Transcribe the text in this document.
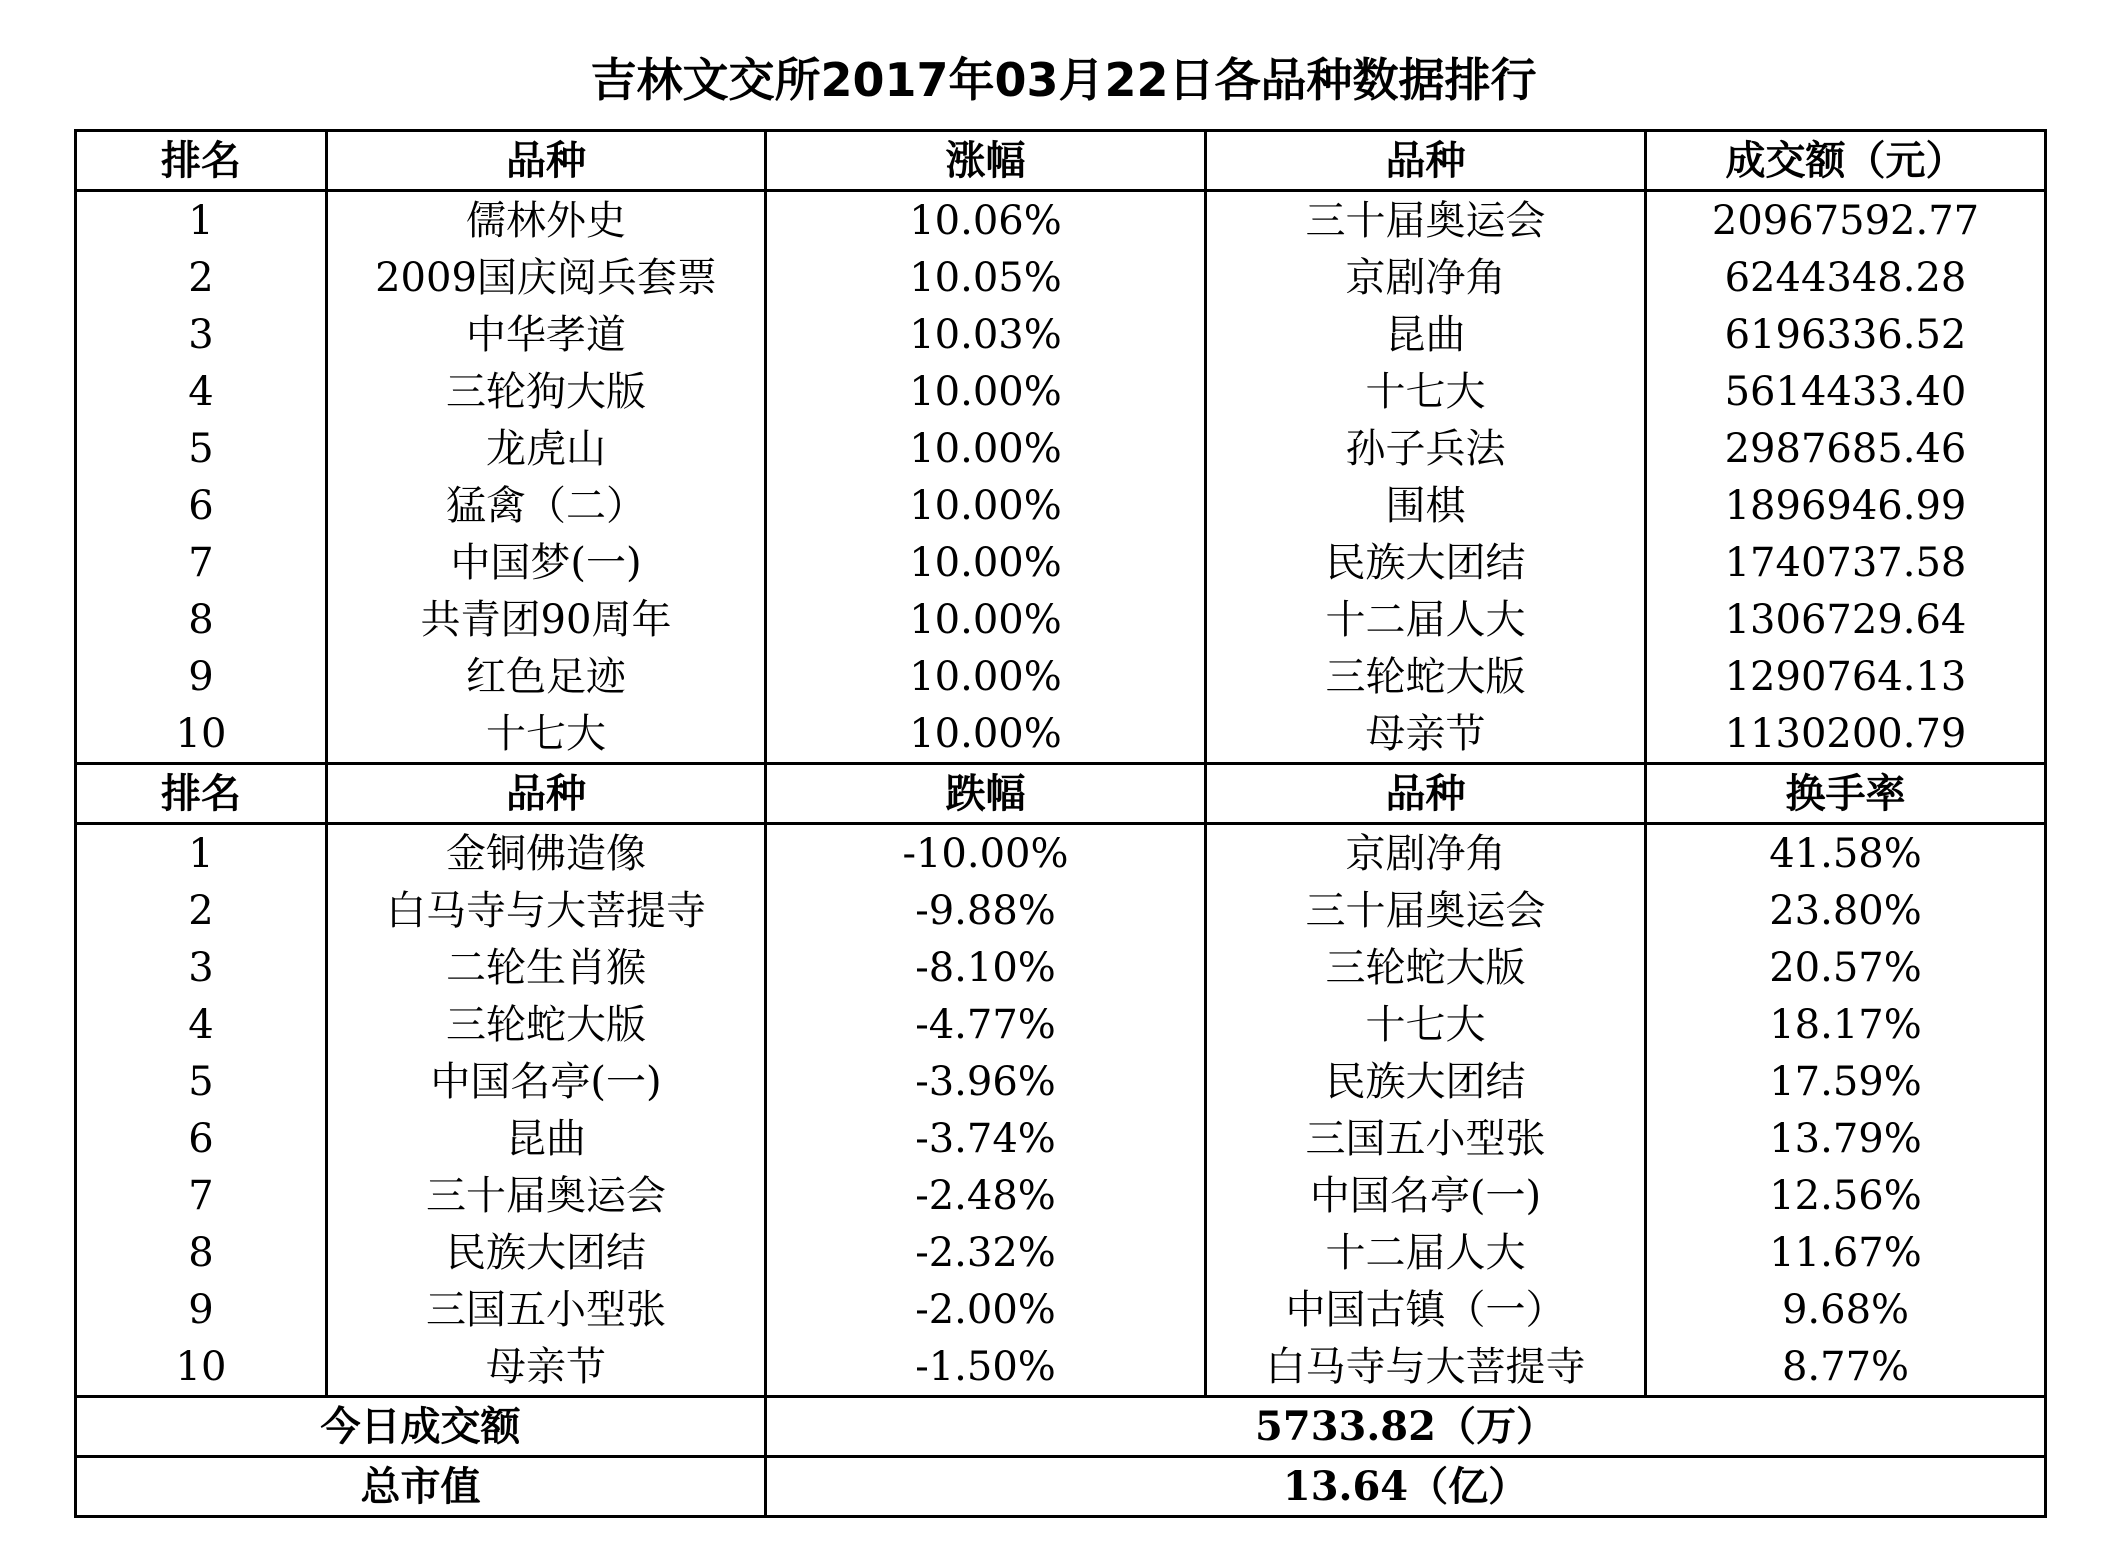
吉林文交所2017年03月22日各品种数据排行
排名	品种	涨幅	品种	成交额（元）
1	儒林外史	10.06%	三十届奥运会	20967592.77
2	2009国庆阅兵套票	10.05%	京剧净角	6244348.28
3	中华孝道	10.03%	昆曲	6196336.52
4	三轮狗大版	10.00%	十七大	5614433.40
5	龙虎山	10.00%	孙子兵法	2987685.46
6	猛禽（二）	10.00%	围棋	1896946.99
7	中国梦(一)	10.00%	民族大团结	1740737.58
8	共青团90周年	10.00%	十二届人大	1306729.64
9	红色足迹	10.00%	三轮蛇大版	1290764.13
10	十七大	10.00%	母亲节	1130200.79
排名	品种	跌幅	品种	换手率
1	金铜佛造像	-10.00%	京剧净角	41.58%
2	白马寺与大菩提寺	-9.88%	三十届奥运会	23.80%
3	二轮生肖猴	-8.10%	三轮蛇大版	20.57%
4	三轮蛇大版	-4.77%	十七大	18.17%
5	中国名亭(一)	-3.96%	民族大团结	17.59%
6	昆曲	-3.74%	三国五小型张	13.79%
7	三十届奥运会	-2.48%	中国名亭(一)	12.56%
8	民族大团结	-2.32%	十二届人大	11.67%
9	三国五小型张	-2.00%	中国古镇（一）	9.68%
10	母亲节	-1.50%	白马寺与大菩提寺	8.77%
今日成交额		5733.82（万）		
总市值		13.64（亿）		
